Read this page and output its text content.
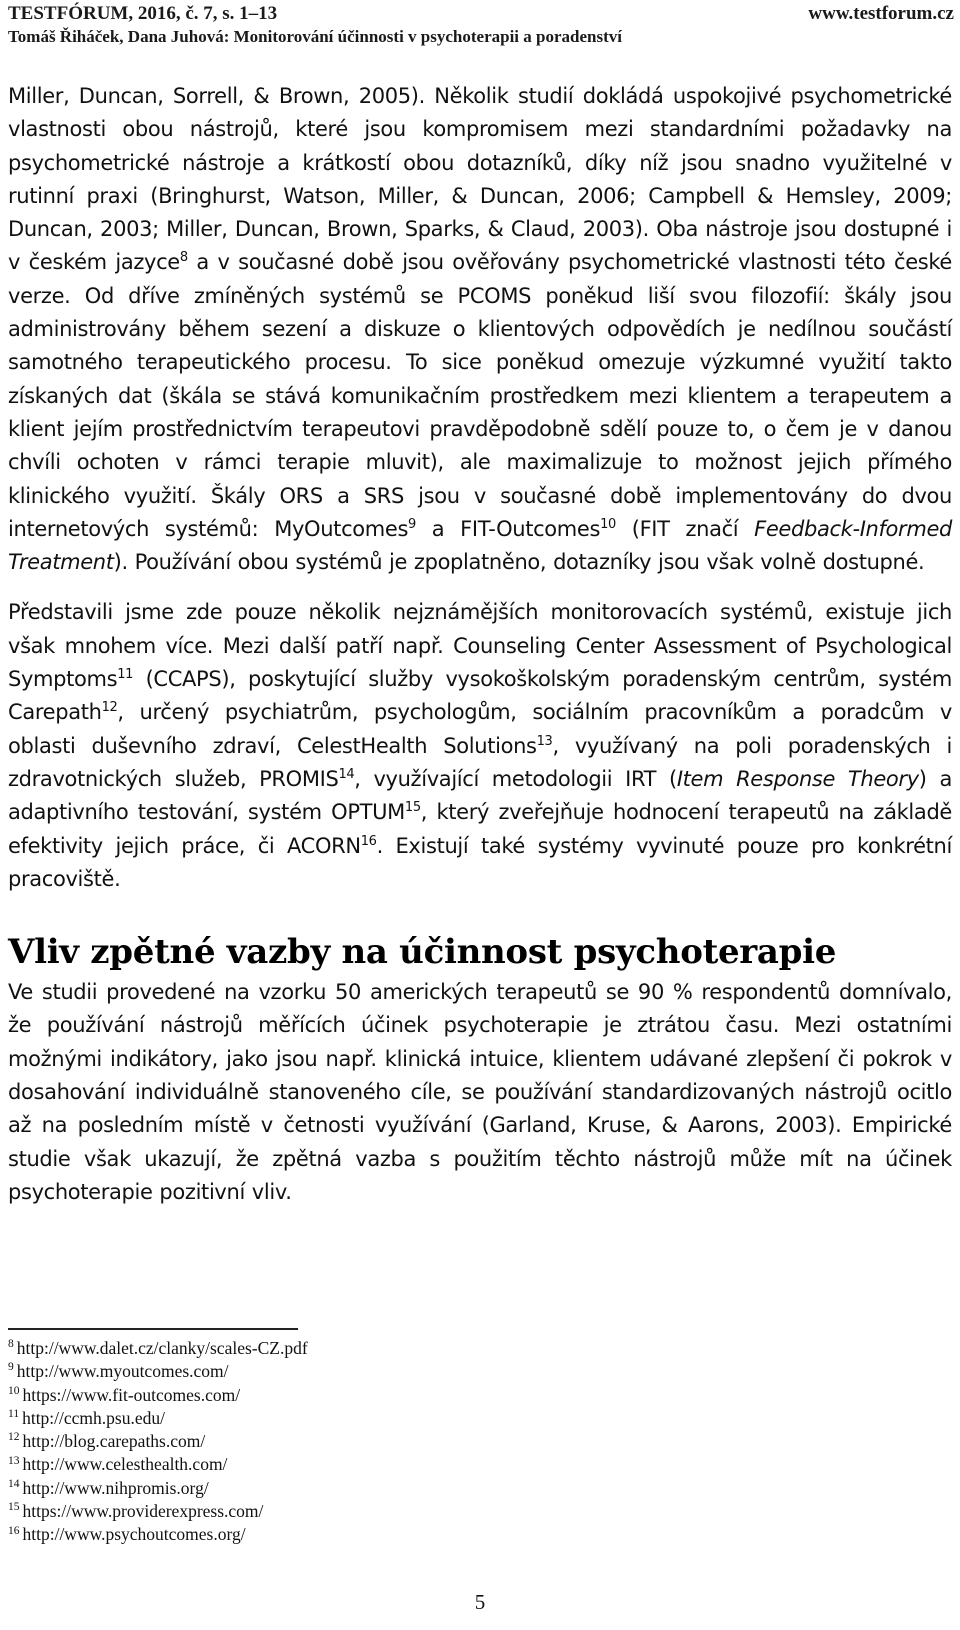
TESTFÓRUM, 2016, č. 7, s. 1–13	www.testforum.cz
Tomáš Řiháček, Dana Juhová: Monitorování účinnosti v psychoterapii a poradenství

Miller, Duncan, Sorrell, & Brown, 2005). Několik studií dokládá uspokojivé psychometrické vlastnosti obou nástrojů, které jsou kompromisem mezi standardními požadavky na psychometrické nástroje a krátkostí obou dotazníků, díky níž jsou snadno využitelné v rutinní praxi (Bringhurst, Watson, Miller, & Duncan, 2006; Campbell & Hemsley, 2009; Duncan, 2003; Miller, Duncan, Brown, Sparks, & Claud, 2003). Oba nástroje jsou dostupné i v českém jazyce$^8$ a v současné době jsou ověřovány psychometrické vlastnosti této české verze. Od dříve zmíněných systémů se PCOMS poněkud liší svou filozofií: škály jsou administrovány během sezení a diskuze o klientových odpovědích je nedílnou součástí samotného terapeutického procesu. To sice poněkud omezuje výzkumné využití takto získaných dat (škála se stává komunikačním prostředkem mezi klientem a terapeutem a klient jejím prostřednictvím terapeutovi pravděpodobně sdělí pouze to, o čem je v danou chvíli ochoten v rámci terapie mluvit), ale maximalizuje to možnost jejich přímého klinického využití. Škály ORS a SRS jsou v současné době implementovány do dvou internetových systémů: MyOutcomes$^9$ a FIT-Outcomes$^{10}$ (FIT značí Feedback-Informed Treatment). Používání obou systémů je zpoplatněno, dotazníky jsou však volně dostupné.

Představili jsme zde pouze několik nejznámějších monitorovacích systémů, existuje jich však mnohem více. Mezi další patří např. Counseling Center Assessment of Psychological Symptoms$^{11}$ (CCAPS), poskytující služby vysokoškolským poradenským centrům, systém Carepath$^{12}$, určený psychiatrům, psychologům, sociálním pracovníkům a poradcům v oblasti duševního zdraví, CelestHealth Solutions$^{13}$, využívaný na poli poradenských i zdravotnických služeb, PROMIS$^{14}$, využívající metodologii IRT (Item Response Theory) a adaptivního testování, systém OPTUM$^{15}$, který zveřejňuje hodnocení terapeutů na základě efektivity jejich práce, či ACORN$^{16}$. Existují také systémy vyvinuté pouze pro konkrétní pracoviště.

Vliv zpětné vazby na účinnost psychoterapie

Ve studii provedené na vzorku 50 amerických terapeutů se 90 % respondentů domnívalo, že používání nástrojů měřících účinek psychoterapie je ztrátou času. Mezi ostatními možnými indikátory, jako jsou např. klinická intuice, klientem udávané zlepšení či pokrok v dosahování individuálně stanoveného cíle, se používání standardizovaných nástrojů ocitlo až na posledním místě v četnosti využívání (Garland, Kruse, & Aarons, 2003). Empirické studie však ukazují, že zpětná vazba s použitím těchto nástrojů může mít na účinek psychoterapie pozitivní vliv.

$^8$ http://www.dalet.cz/clanky/scales-CZ.pdf
$^9$ http://www.myoutcomes.com/
$^{10}$ https://www.fit-outcomes.com/
$^{11}$ http://ccmh.psu.edu/
$^{12}$ http://blog.carepaths.com/
$^{13}$ http://www.celesthealth.com/
$^{14}$ http://www.nihpromis.org/
$^{15}$ https://www.providerexpress.com/
$^{16}$ http://www.psychoutcomes.org/
5
